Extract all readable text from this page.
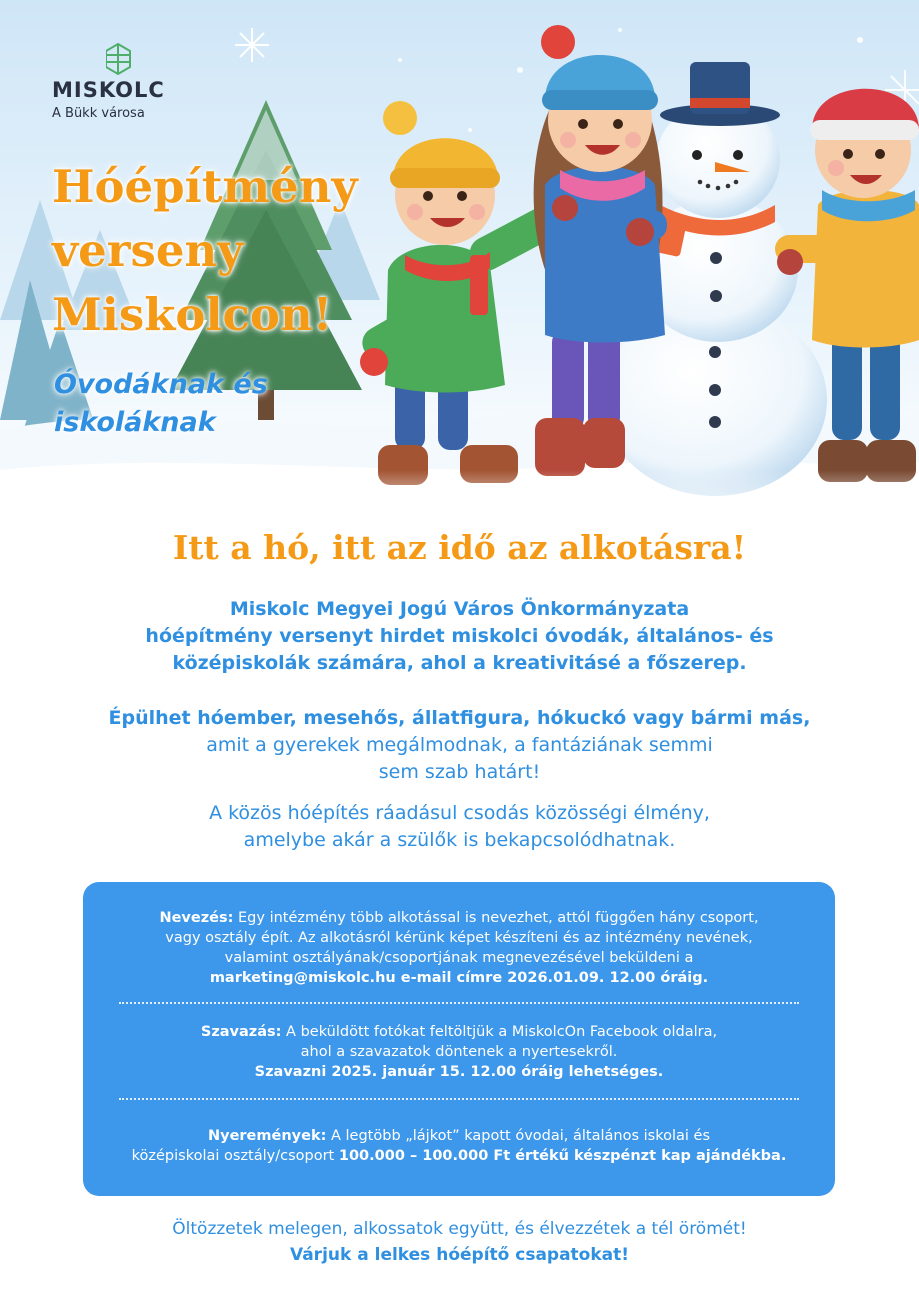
MISKOLC
A Bükk városa
Hóépítmény
verseny
Miskolcon!
Óvodáknak és
iskoláknak
Itt a hó, itt az idő az alkotásra!
Miskolc Megyei Jogú Város Önkormányzata
hóépítmény versenyt hirdet miskolci óvodák, általános- és
középiskolák számára, ahol a kreativitásé a főszerep.
Épülhet hóember, mesehős, állatfigura, hókuckó vagy bármi más,
amit a gyerekek megálmodnak, a fantáziának semmi
sem szab határt!
A közös hóépítés ráadásul csodás közösségi élmény,
amelybe akár a szülők is bekapcsolódhatnak.
Nevezés: Egy intézmény több alkotással is nevezhet, attól függően hány csoport,
vagy osztály épít. Az alkotásról kérünk képet készíteni és az intézmény nevének,
valamint osztályának/csoportjának megnevezésével beküldeni a
marketing@miskolc.hu e-mail címre 2026.01.09. 12.00 óráig.
Szavazás: A beküldött fotókat feltöltjük a MiskolcOn Facebook oldalra,
ahol a szavazatok döntenek a nyertesekről.
Szavazni 2025. január 15. 12.00 óráig lehetséges.
Nyeremények: A legtöbb „lájkot” kapott óvodai, általános iskolai és
középiskolai osztály/csoport 100.000 – 100.000 Ft értékű készpénzt kap ajándékba.
Öltözzetek melegen, alkossatok együtt, és élvezzétek a tél örömét!
Várjuk a lelkes hóépítő csapatokat!
